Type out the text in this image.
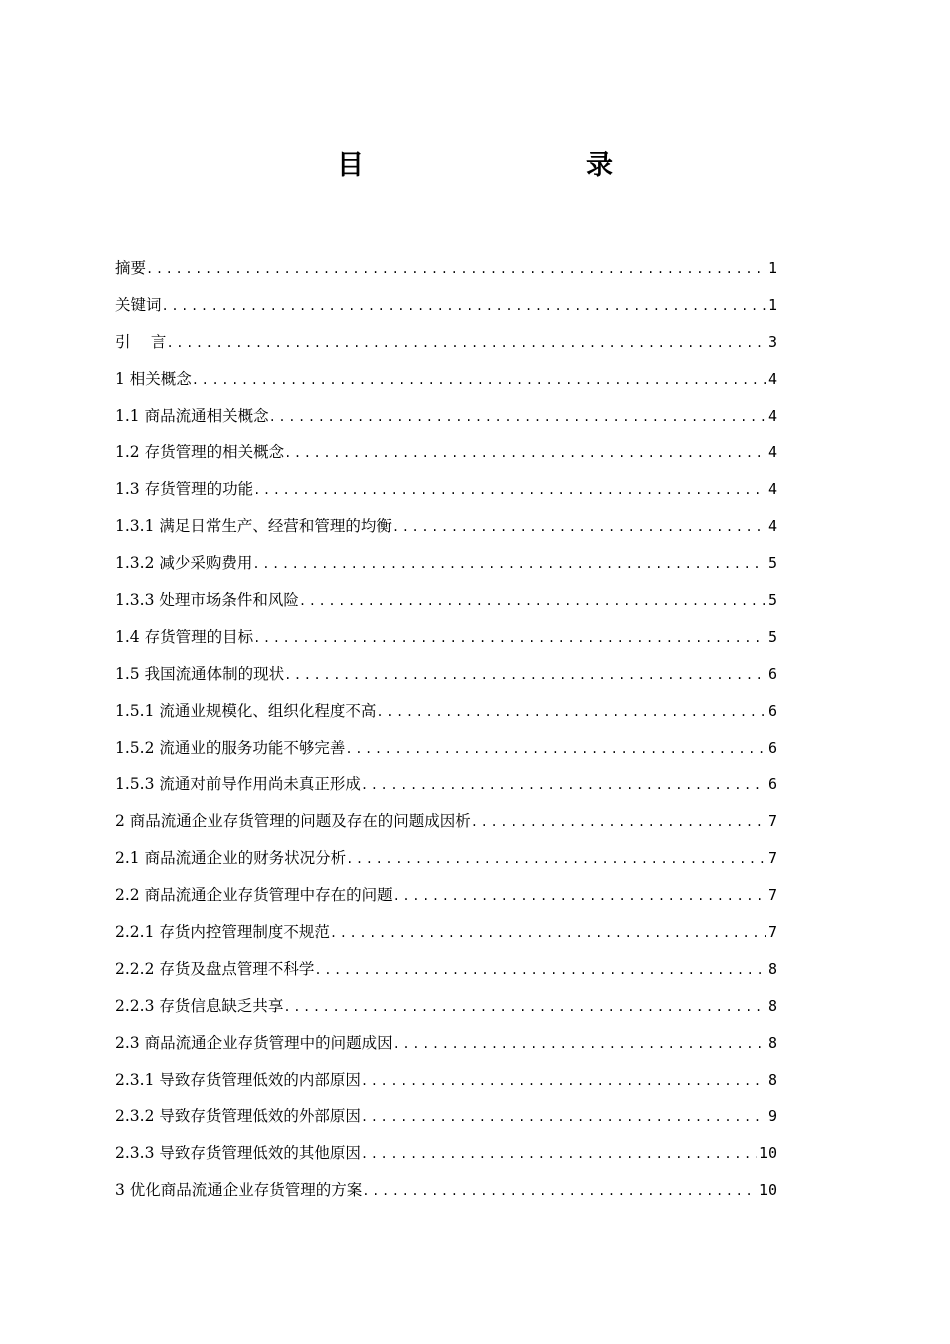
目　　录
摘要 .....	1
关键词 .....	1
引　 言 .....	3
1 相关概念 .....	4
1.1 商品流通相关概念 .....	4
1.2 存货管理的相关概念 .....	4
1.3 存货管理的功能 .....	4
1.3.1 满足日常生产、经营和管理的均衡 .....	4
1.3.2 减少采购费用 .....	5
1.3.3 处理市场条件和风险 .....	5
1.4 存货管理的目标 .....	5
1.5 我国流通体制的现状 .....	6
1.5.1 流通业规模化、组织化程度不高 .....	6
1.5.2 流通业的服务功能不够完善 .....	6
1.5.3 流通对前导作用尚未真正形成 .....	6
2 商品流通企业存货管理的问题及存在的问题成因析 .....	7
2.1 商品流通企业的财务状况分析 .....	7
2.2 商品流通企业存货管理中存在的问题 .....	7
2.2.1 存货内控管理制度不规范 .....	7
2.2.2 存货及盘点管理不科学 .....	8
2.2.3 存货信息缺乏共享 .....	8
2.3 商品流通企业存货管理中的问题成因 .....	8
2.3.1 导致存货管理低效的内部原因 .....	8
2.3.2 导致存货管理低效的外部原因 .....	9
2.3.3 导致存货管理低效的其他原因 .....	10
3 优化商品流通企业存货管理的方案 .....	10
